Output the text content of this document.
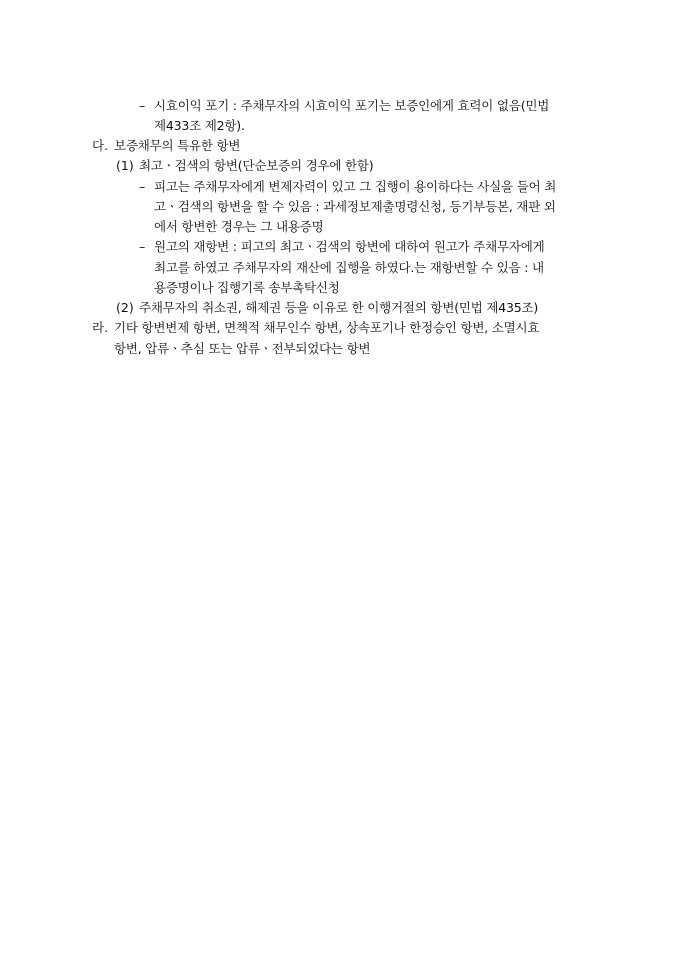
– 시효이익 포기 : 주채무자의 시효이익 포기는 보증인에게 효력이 없음(민법
제433조 제2항).
다. 보증채무의 특유한 항변
(1) 최고ㆍ검색의 항변(단순보증의 경우에 한함)
– 피고는 주채무자에게 변제자력이 있고 그 집행이 용이하다는 사실을 들어 최
고ㆍ검색의 항변을 할 수 있음 : 과세정보제출명령신청, 등기부등본, 재판 외
에서 항변한 경우는 그 내용증명
– 원고의 재항변 : 피고의 최고ㆍ검색의 항변에 대하여 원고가 주채무자에게
최고를 하였고 주채무자의 재산에 집행을 하였다.는 재항변할 수 있음 : 내
용증명이나 집행기록 송부촉탁신청
(2) 주채무자의 취소권, 해제권 등을 이유로 한 이행거절의 항변(민법 제435조)
라. 기타 항변변제 항변, 면책적 채무인수 항변, 상속포기나 한정승인 항변, 소멸시효
항변, 압류ㆍ추심 또는 압류ㆍ전부되었다는 항변
